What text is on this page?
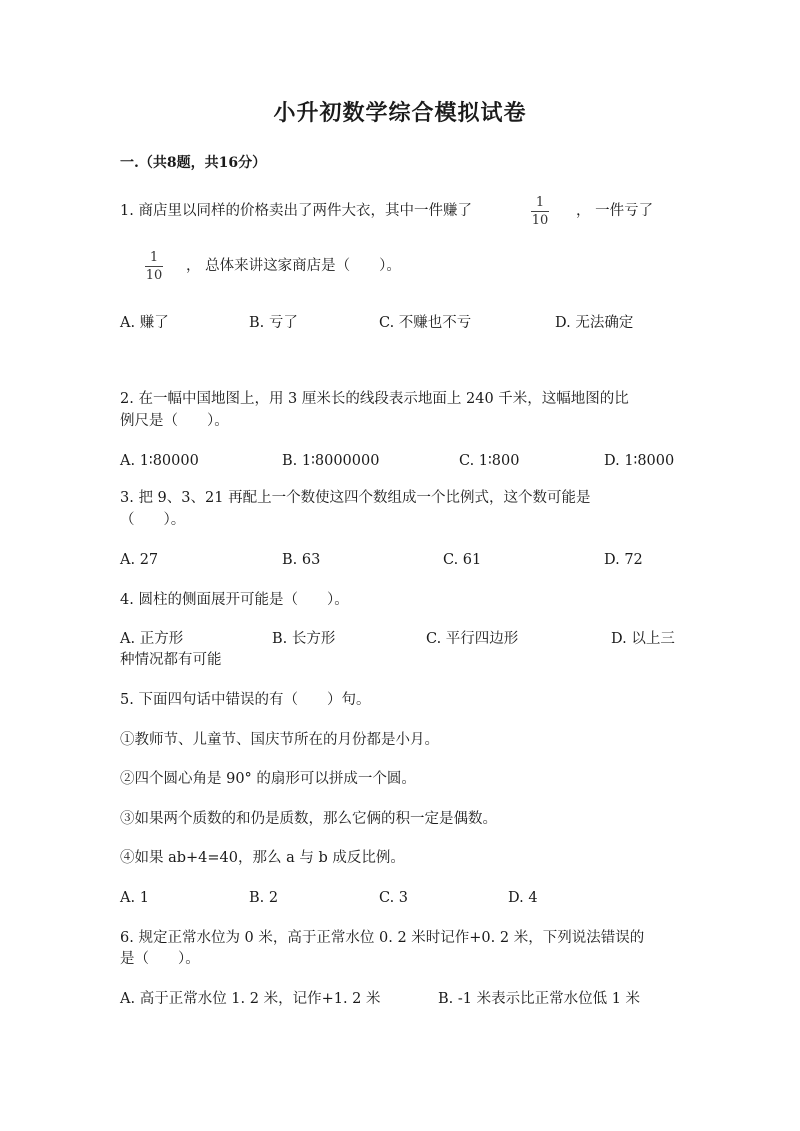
小升初数学综合模拟试卷
一.（共8题，共16分）
1. 商店里以同样的价格卖出了两件大衣，其中一件赚了
1
10
， 一件亏了
1
10
， 总体来讲这家商店是（　　）。
A. 赚了	B. 亏了	C. 不赚也不亏	D. 无法确定
2. 在一幅中国地图上，用 3 厘米长的线段表示地面上 240 千米，这幅地图的比
例尺是（　　）。
A. 1∶80000	B. 1∶8000000	C. 1∶800	D. 1∶8000
3. 把 9、3、21 再配上一个数使这四个数组成一个比例式，这个数可能是
（　　）。
A. 27	B. 63	C. 61	D. 72
4. 圆柱的侧面展开可能是（　　）。
A. 正方形	B. 长方形	C. 平行四边形	D. 以上三
种情况都有可能
5. 下面四句话中错误的有（　　）句。
①教师节、儿童节、国庆节所在的月份都是小月。
②四个圆心角是 90° 的扇形可以拼成一个圆。
③如果两个质数的和仍是质数，那么它俩的积一定是偶数。
④如果 ab+4=40，那么 a 与 b 成反比例。
A. 1	B. 2	C. 3	D. 4
6. 规定正常水位为 0 米，高于正常水位 0. 2 米时记作+0. 2 米，下列说法错误的
是（　　）。
A. 高于正常水位 1. 2 米，记作+1. 2 米	B. -1 米表示比正常水位低 1 米
